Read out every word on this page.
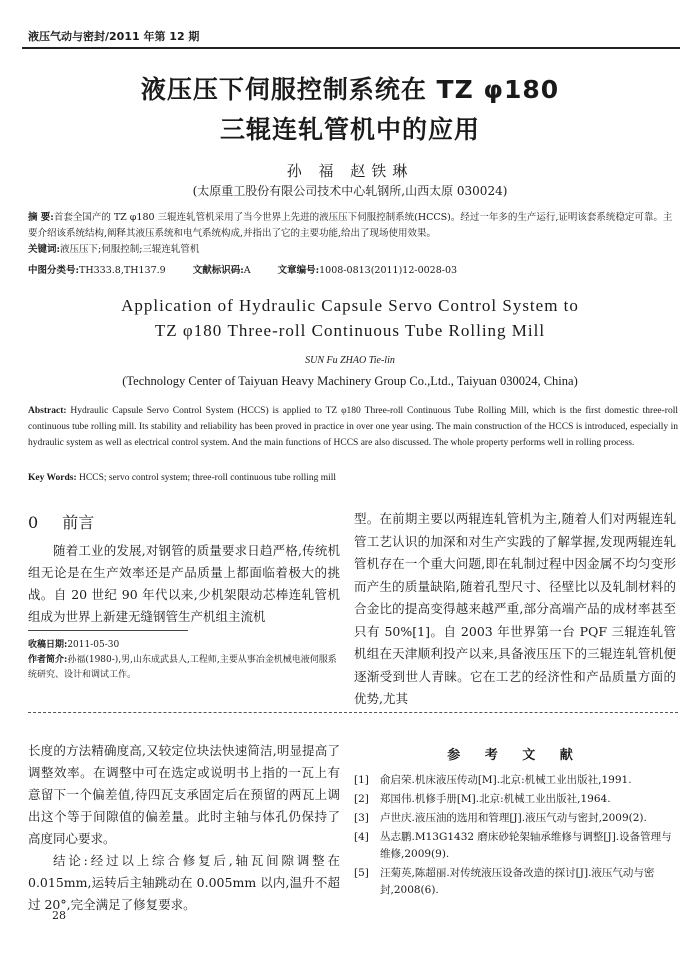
液压气动与密封/2011 年第 12 期
液压压下伺服控制系统在 TZ φ180
三辊连轧管机中的应用
孙 福 赵铁琳
(太原重工股份有限公司技术中心轧钢所,山西太原 030024)
摘 要:首套全国产的 TZ φ180 三辊连轧管机采用了当今世界上先进的液压压下伺服控制系统(HCCS)。经过一年多的生产运行,证明该套系统稳定可靠。主要介绍该系统结构,阐释其液压系统和电气系统构成,并指出了它的主要功能,给出了现场使用效果。
关键词:液压压下;伺服控制;三辊连轧管机
中图分类号:TH333.8,TH137.9	文献标识码:A	文章编号:1008-0813(2011)12-0028-03
Application of Hydraulic Capsule Servo Control System to
TZ φ180 Three-roll Continuous Tube Rolling Mill
SUN Fu ZHAO Tie-lin
(Technology Center of Taiyuan Heavy Machinery Group Co.,Ltd., Taiyuan 030024, China)
Abstract: Hydraulic Capsule Servo Control System (HCCS) is applied to TZ φ180 Three-roll Continuous Tube Rolling Mill, which is the first domestic three-roll continuous tube rolling mill. Its stability and reliability has been proved in practice in over one year using. The main construction of the HCCS is introduced, especially in hydraulic system as well as electrical control system. And the main functions of HCCS are also discussed. The whole property performs well in rolling process.
Key Words: HCCS; servo control system; three-roll continuous tube rolling mill
0 前言

随着工业的发展,对钢管的质量要求日趋严格,传统机组无论是在生产效率还是产品质量上都面临着极大的挑战。自 20 世纪 90 年代以来,少机架限动芯棒连轧管机组成为世界上新建无缝钢管生产机组主流机

型。在前期主要以两辊连轧管机为主,随着人们对两辊连轧管工艺认识的加深和对生产实践的了解掌握,发现两辊连轧管机存在一个重大问题,即在轧制过程中因金属不均匀变形而产生的质量缺陷,随着孔型尺寸、径壁比以及轧制材料的合金比的提高变得越来越严重,部分高端产品的成材率甚至只有 50%[1]。自 2003 年世界第一台 PQF 三辊连轧管机组在天津顺利投产以来,具备液压压下的三辊连轧管机便逐渐受到世人青睐。它在工艺的经济性和产品质量方面的优势,尤其

收稿日期:2011-05-30
作者简介:孙福(1980-),男,山东成武县人,工程师,主要从事冶金机械电液伺服系统研究、设计和调试工作。

长度的方法精确度高,又较定位块法快速简洁,明显提高了调整效率。在调整中可在选定或说明书上指的一瓦上有意留下一个偏差值,待四瓦支承固定后在预留的两瓦上调出这个等于间隙值的偏差量。此时主轴与体孔仍保持了高度同心要求。

结论:经过以上综合修复后,轴瓦间隙调整在 0.015mm,运转后主轴跳动在 0.005mm 以内,温升不超过 20°,完全满足了修复要求。

参 考 文 献
[1]	俞启荣.机床液压传动[M].北京:机械工业出版社,1991.
[2]	郑国伟.机修手册[M].北京:机械工业出版社,1964.
[3]	卢世庆.液压油的选用和管理[J].液压气动与密封,2009(2).
[4]	丛志鹏.M13G1432 磨床砂轮架轴承维修与调整[J].设备管理与维修,2009(9).
[5]	汪菊英,陈超丽.对传统液压设备改造的探讨[J].液压气动与密封,2008(6).
28
